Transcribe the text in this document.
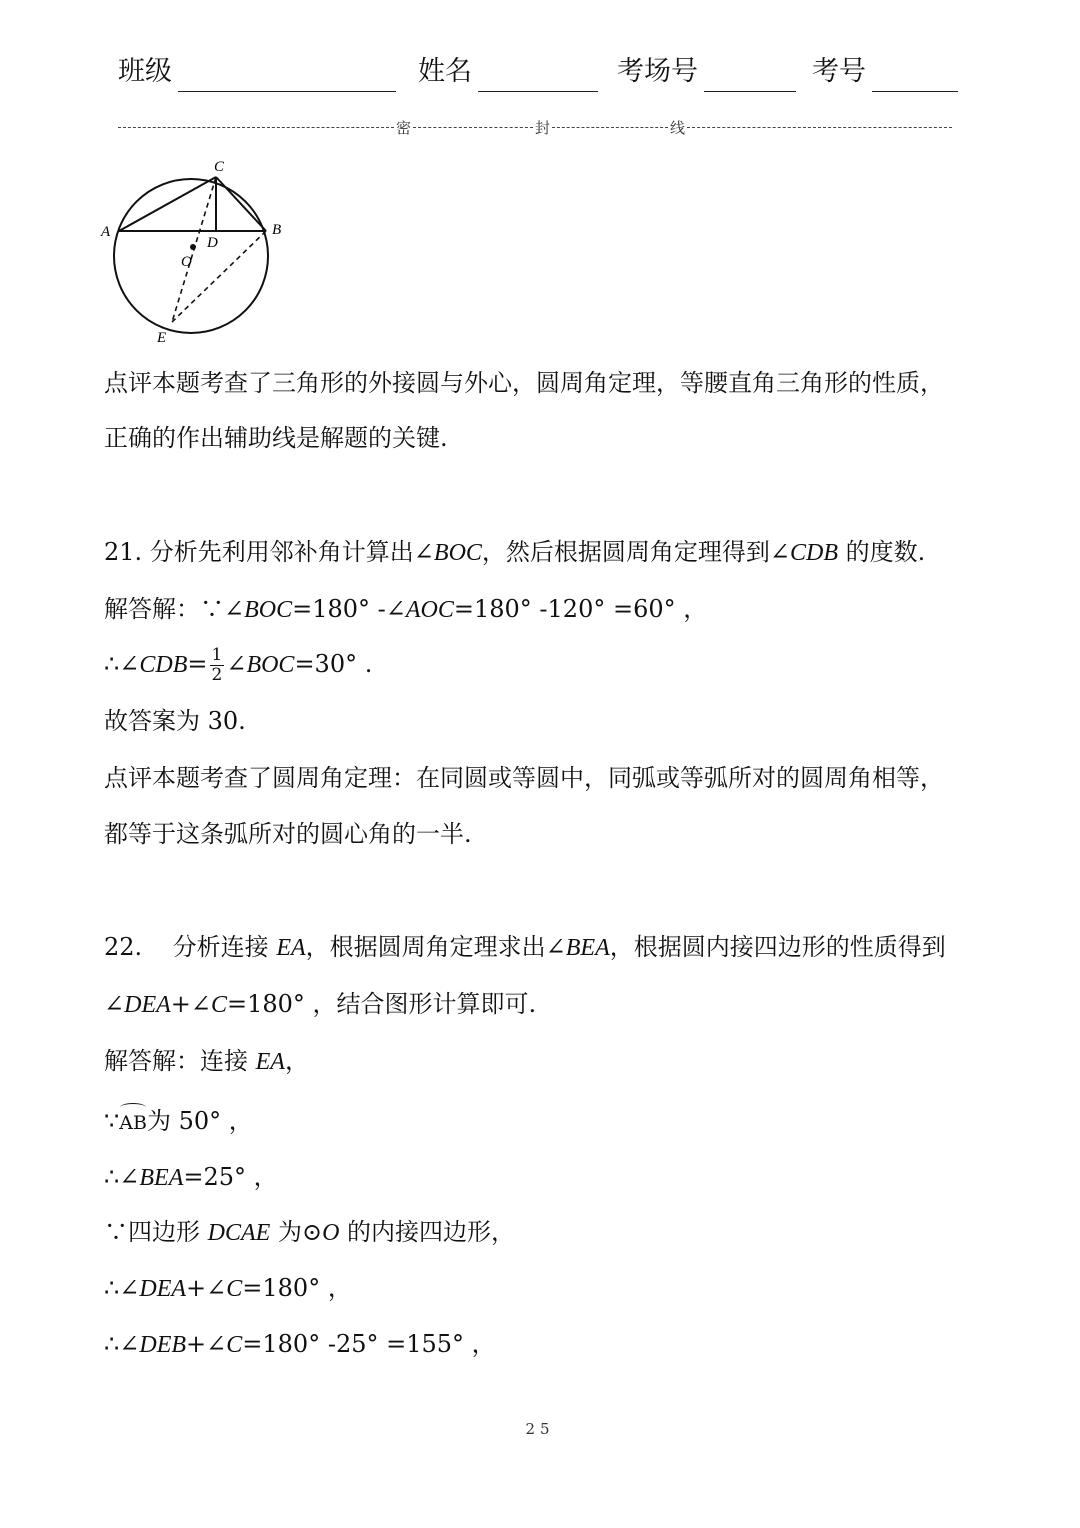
班级	姓名	考场号	考号
密	封	线
C
A
D
B
O
E
点评本题考查了三角形的外接圆与外心，圆周角定理，等腰直角三角形的性质，
正确的作出辅助线是解题的关键.
21. 分析先利用邻补角计算出∠BOC，然后根据圆周角定理得到∠CDB 的度数.
解答解：∵∠BOC=180° -∠AOC=180° -120° =60° ，
∴∠CDB= $\frac{1}{2}$ ∠BOC=30° .
故答案为 30.
点评本题考查了圆周角定理：在同圆或等圆中，同弧或等弧所对的圆周角相等，
都等于这条弧所对的圆心角的一半.
22.    分析连接 EA，根据圆周角定理求出∠BEA，根据圆内接四边形的性质得到
∠DEA+∠C=180° ，结合图形计算即可.
解答解：连接 EA，
∵AB为 50° ，
∴∠BEA=25° ，
∵四边形 DCAE 为⊙O 的内接四边形，
∴∠DEA+∠C=180° ，
∴∠DEB+∠C=180° -25° =155° ，
25
